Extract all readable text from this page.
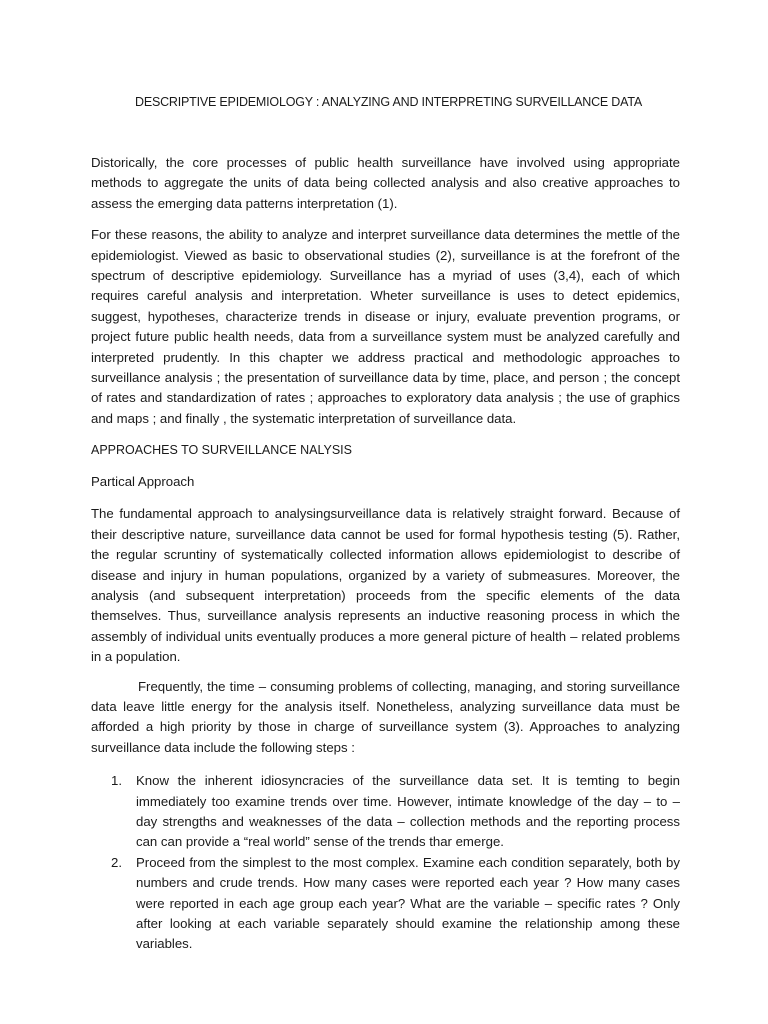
DESCRIPTIVE EPIDEMIOLOGY : ANALYZING AND INTERPRETING SURVEILLANCE DATA

Distorically, the core processes of public health surveillance have involved using appropriate methods to aggregate the units of data being collected analysis and also creative approaches to assess the emerging data patterns interpretation (1).

For these reasons, the ability to analyze and interpret surveillance data determines the mettle of the epidemiologist. Viewed as basic to observational studies (2), surveillance is at the forefront of the spectrum of descriptive epidemiology. Surveillance has a myriad of uses (3,4), each of which requires careful analysis and interpretation. Wheter surveillance is uses to detect epidemics, suggest, hypotheses, characterize trends in disease or injury, evaluate prevention programs, or project future public health needs, data from a surveillance system must be analyzed carefully and interpreted prudently. In this chapter we address practical and methodologic approaches to surveillance analysis ; the presentation of surveillance data by time, place, and person ; the concept of rates and standardization of rates ; approaches to exploratory data analysis ; the use of graphics and maps ; and finally , the systematic interpretation of surveillance data.

APPROACHES TO SURVEILLANCE NALYSIS
Partical Approach

The fundamental approach to analysingsurveillance data is relatively straight forward. Because of their descriptive nature, surveillance data cannot be used for formal hypothesis testing (5). Rather, the regular scruntiny of systematically collected information allows epidemiologist to describe of disease and injury in human populations, organized by a variety of submeasures. Moreover, the analysis (and subsequent interpretation) proceeds from the specific elements of the data themselves. Thus, surveillance analysis represents an inductive reasoning process in which the assembly of individual units eventually produces a more general picture of health – related problems in a population.

Frequently, the time – consuming problems of collecting, managing, and storing surveillance data leave little energy for the analysis itself. Nonetheless, analyzing surveillance data must be afforded a high priority by those in charge of surveillance system (3). Approaches to analyzing surveillance data include the following steps :

1. Know the inherent idiosyncracies of the surveillance data set. It is temting to begin immediately too examine trends over time. However, intimate knowledge of the day – to – day strengths and weaknesses of the data – collection methods and the reporting process can can provide a “real world” sense of the trends thar emerge.
2. Proceed from the simplest to the most complex. Examine each condition separately, both by numbers and crude trends. How many cases were reported each year ? How many cases were reported in each age group each year? What are the variable – specific rates ? Only after looking at each variable separately should examine the relationship among these variables.
